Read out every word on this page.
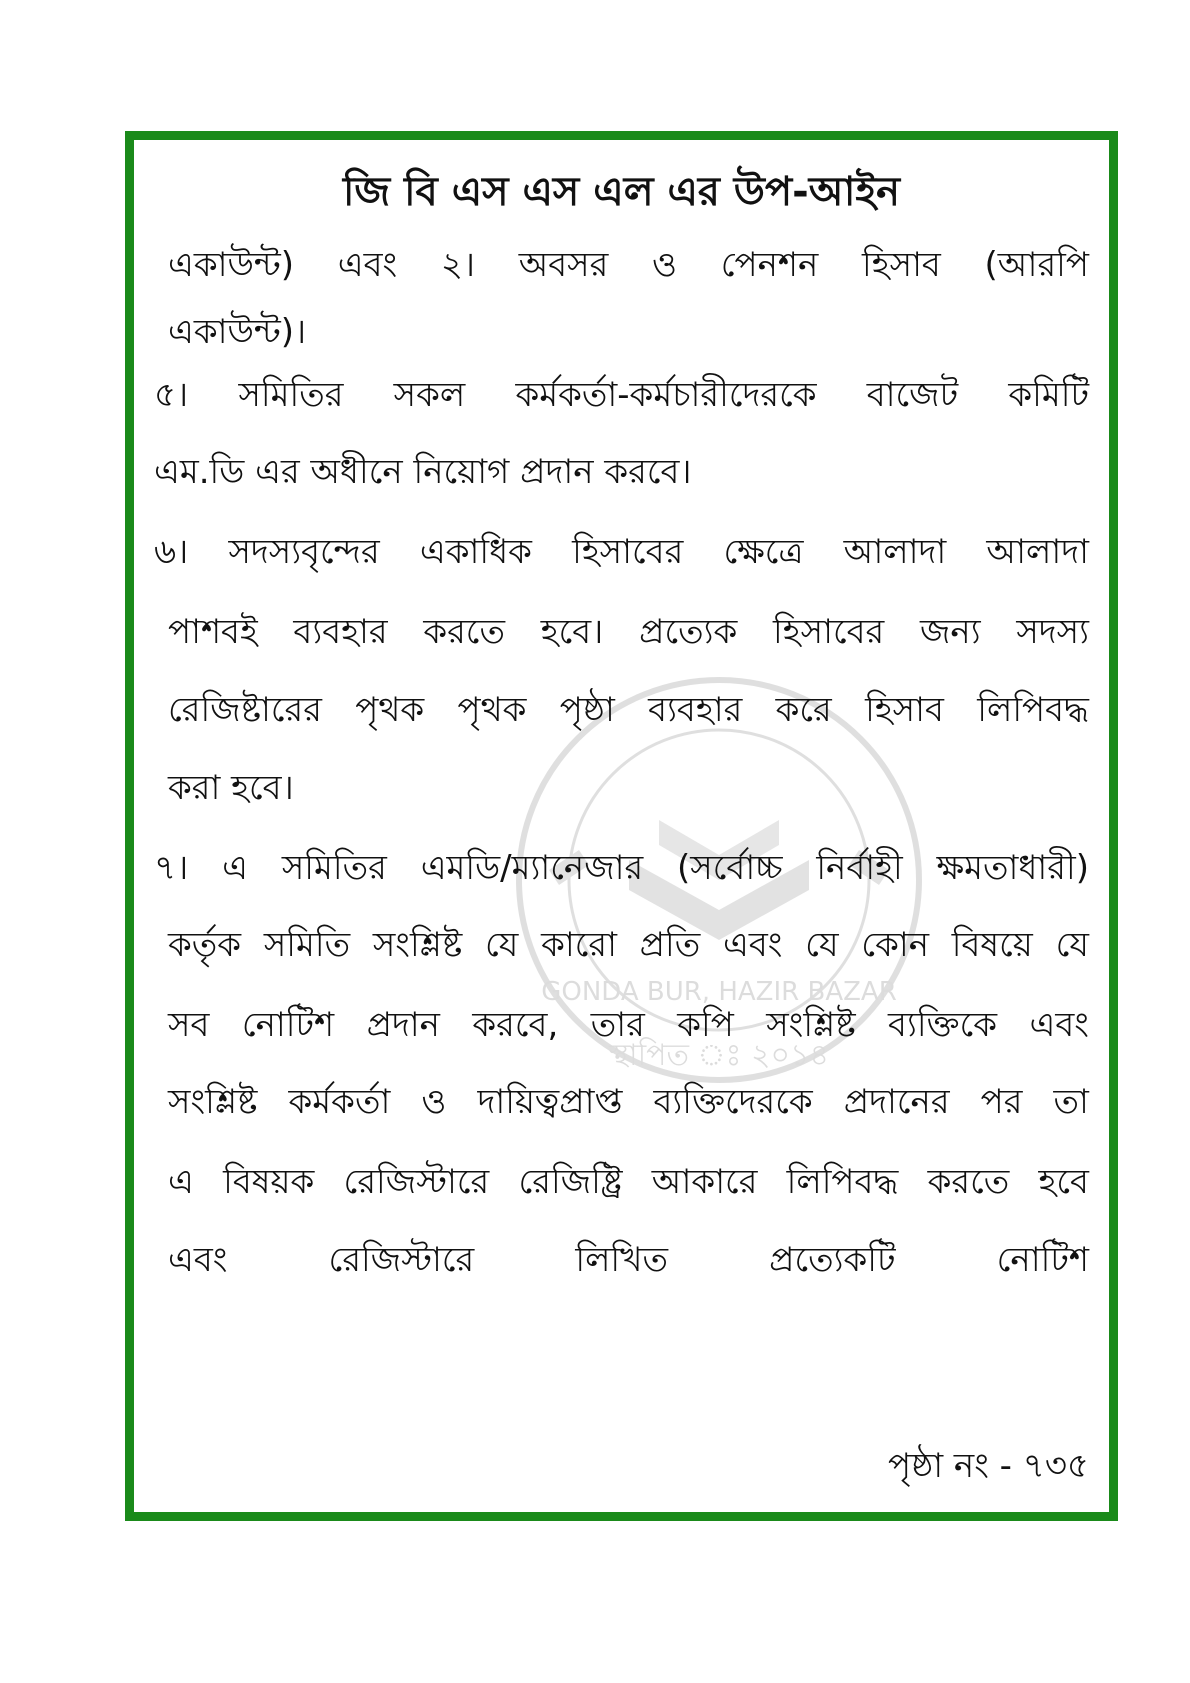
GONDA BUR, HAZIR BAZAR
স্থাপিত ঃ ২০১৪
জি বি এস এস এল এর উপ-আইন
একাউন্ট) এবং ২। অবসর ও পেনশন হিসাব (আরপি
একাউন্ট)।
৫। সমিতির সকল কর্মকর্তা-কর্মচারীদেরকে বাজেট কমিটি
এম.ডি এর অধীনে নিয়োগ প্রদান করবে।
৬। সদস্যবৃন্দের একাধিক হিসাবের ক্ষেত্রে আলাদা আলাদা
পাশবই ব্যবহার করতে হবে। প্রত্যেক হিসাবের জন্য সদস্য
রেজিষ্টারের পৃথক পৃথক পৃষ্ঠা ব্যবহার করে হিসাব লিপিবদ্ধ
করা হবে।
৭। এ সমিতির এমডি/ম্যানেজার (সর্বোচ্চ নির্বাহী ক্ষমতাধারী)
কর্তৃক সমিতি সংশ্লিষ্ট যে কারো প্রতি এবং যে কোন বিষয়ে যে
সব নোটিশ প্রদান করবে, তার কপি সংশ্লিষ্ট ব্যক্তিকে এবং
সংশ্লিষ্ট কর্মকর্তা ও দায়িত্বপ্রাপ্ত ব্যক্তিদেরকে প্রদানের পর তা
এ বিষয়ক রেজিস্টারে রেজিষ্ট্রি আকারে লিপিবদ্ধ করতে হবে
এবং	রেজিস্টারে	লিখিত	প্রত্যেকটি	নোটিশ
পৃষ্ঠা নং - ৭৩৫
